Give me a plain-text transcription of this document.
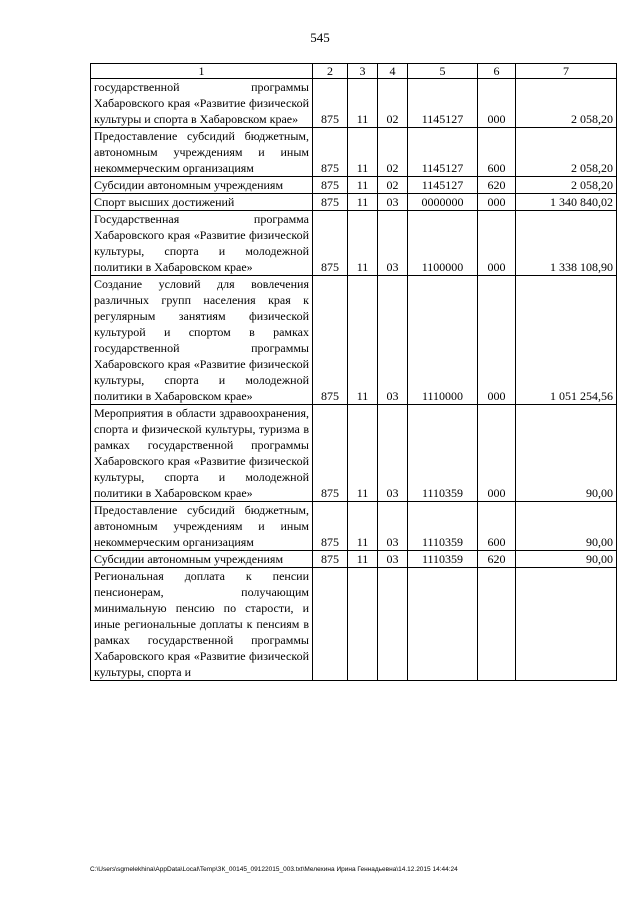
545
1	2	3	4	5	6	7
государственной программы Хабаровского края «Развитие физической культуры и спорта в Хабаровском крае»	875	11	02	1145127	000	2 058,20
Предоставление субсидий бюджетным, автономным учреждениям и иным некоммерческим организациям	875	11	02	1145127	600	2 058,20
Субсидии автономным учреждениям	875	11	02	1145127	620	2 058,20
Спорт высших достижений	875	11	03	0000000	000	1 340 840,02
Государственная программа Хабаровского края «Развитие физической культуры, спорта и молодежной политики в Хабаровском крае»	875	11	03	1100000	000	1 338 108,90
Создание условий для вовлечения различных групп населения края к регулярным занятиям физической культурой и спортом в рамках государственной программы Хабаровского края «Развитие физической культуры, спорта и молодежной политики в Хабаровском крае»	875	11	03	1110000	000	1 051 254,56
Мероприятия в области здравоохранения, спорта и физической культуры, туризма в рамках государственной программы Хабаровского края «Развитие физической культуры, спорта и молодежной политики в Хабаровском крае»	875	11	03	1110359	000	90,00
Предоставление субсидий бюджетным, автономным учреждениям и иным некоммерческим организациям	875	11	03	1110359	600	90,00
Субсидии автономным учреждениям	875	11	03	1110359	620	90,00
Региональная доплата к пенсии пенсионерам, получающим минимальную пенсию по старости, и иные региональные доплаты к пенсиям в рамках государственной программы Хабаровского края «Развитие физической культуры, спорта и						
C:\Users\sgmelekhina\AppData\Local\Temp\ЗК_00145_09122015_003.txt\Мелехина Ирина Геннадьевна\14.12.2015 14:44:24
